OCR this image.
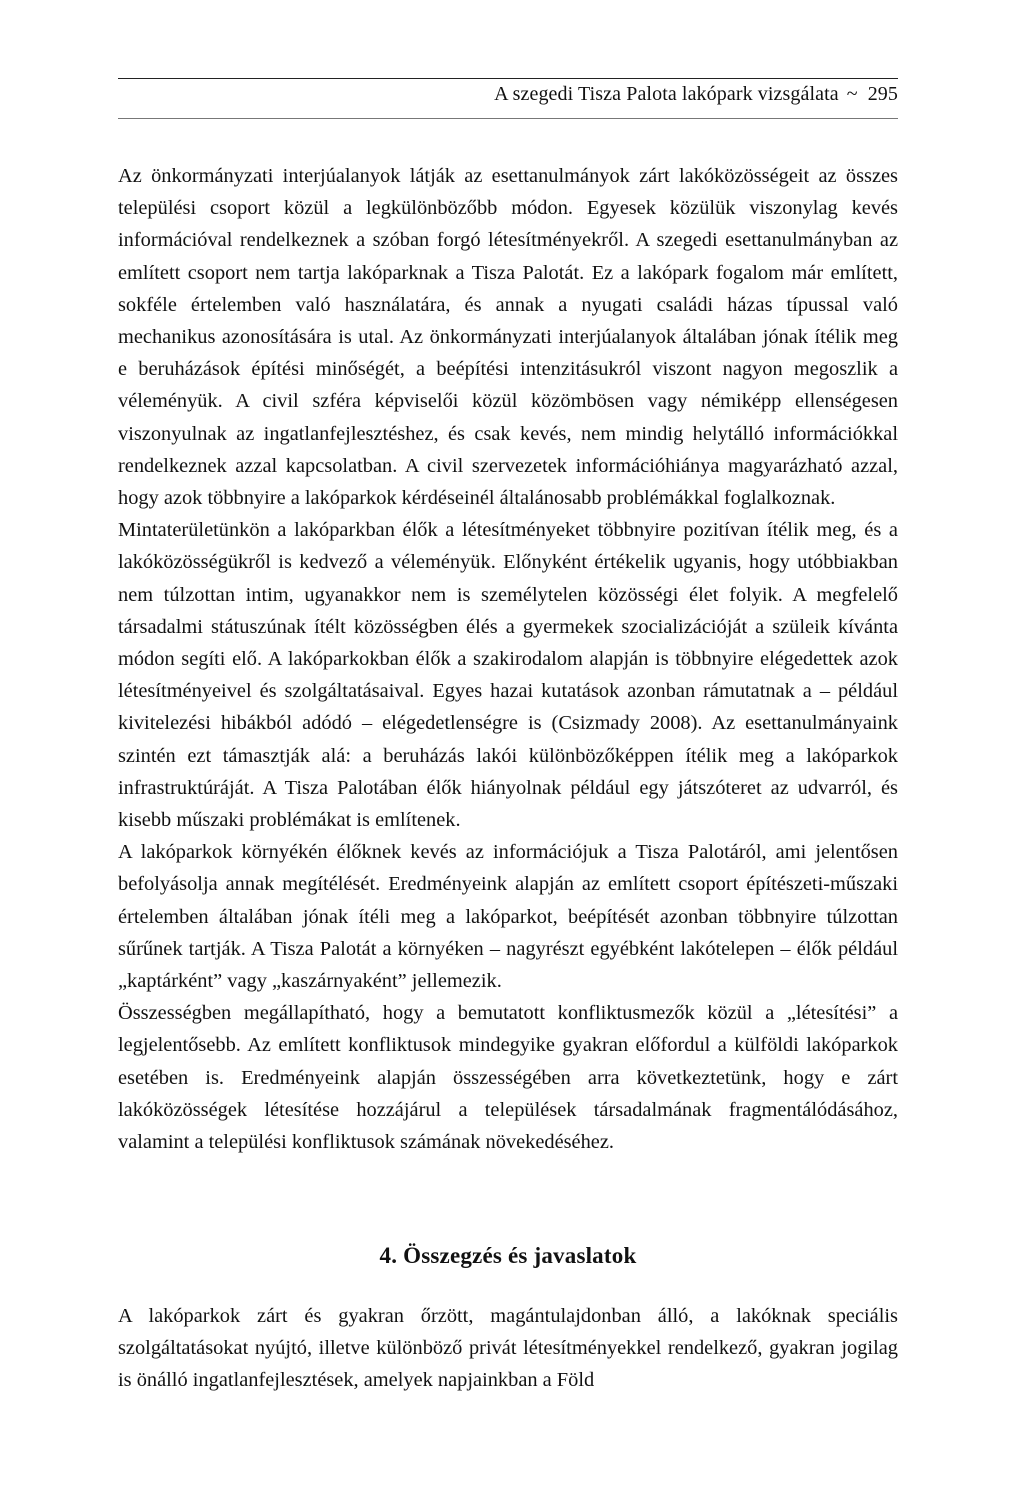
A szegedi Tisza Palota lakópark vizsgálata ~ 295

Az önkormányzati interjúalanyok látják az esettanulmányok zárt lakóközösségeit az összes települési csoport közül a legkülönbözőbb módon. Egyesek közülük viszonylag kevés információval rendelkeznek a szóban forgó létesítményekről. A szegedi esettanulmányban az említett csoport nem tartja lakóparknak a Tisza Palotát. Ez a lakópark fogalom már említett, sokféle értelemben való használatára, és annak a nyugati családi házas típussal való mechanikus azonosítására is utal. Az önkormányzati interjúalanyok általában jónak ítélik meg e beruházások építési minőségét, a beépítési intenzitásukról viszont nagyon megoszlik a véleményük. A civil szféra képviselői közül közömbösen vagy némiképp ellenségesen viszonyulnak az ingatlanfejlesztéshez, és csak kevés, nem mindig helytálló információkkal rendelkeznek azzal kapcsolatban. A civil szervezetek információhiánya magyarázható azzal, hogy azok többnyire a lakóparkok kérdéseinél általánosabb problémákkal foglalkoznak.

Mintaterületünkön a lakóparkban élők a létesítményeket többnyire pozitívan ítélik meg, és a lakóközösségükről is kedvező a véleményük. Előnyként értékelik ugyanis, hogy utóbbiakban nem túlzottan intim, ugyanakkor nem is személytelen közösségi élet folyik. A megfelelő társadalmi státuszúnak ítélt közösségben élés a gyermekek szocializációját a szüleik kívánta módon segíti elő. A lakóparkokban élők a szakirodalom alapján is többnyire elégedettek azok létesítményeivel és szolgáltatásaival. Egyes hazai kutatások azonban rámutatnak a – például kivitelezési hibákból adódó – elégedetlenségre is (Csizmady 2008). Az esettanulmányaink szintén ezt támasztják alá: a beruházás lakói különbözőképpen ítélik meg a lakóparkok infrastruktúráját. A Tisza Palotában élők hiányolnak például egy játszóteret az udvarról, és kisebb műszaki problémákat is említenek.

A lakóparkok környékén élőknek kevés az információjuk a Tisza Palotáról, ami jelentősen befolyásolja annak megítélését. Eredményeink alapján az említett csoport építészeti-műszaki értelemben általában jónak ítéli meg a lakóparkot, beépítését azonban többnyire túlzottan sűrűnek tartják. A Tisza Palotát a környéken – nagyrészt egyébként lakótelepen – élők például „kaptárként” vagy „kaszárnyaként” jellemezik.

Összességben megállapítható, hogy a bemutatott konfliktusmezők közül a „létesítési” a legjelentősebb. Az említett konfliktusok mindegyike gyakran előfordul a külföldi lakóparkok esetében is. Eredményeink alapján összességében arra következtetünk, hogy e zárt lakóközösségek létesítése hozzájárul a települések társadalmának fragmentálódásához, valamint a települési konfliktusok számának növekedéséhez.

4. Összegzés és javaslatok

A lakóparkok zárt és gyakran őrzött, magántulajdonban álló, a lakóknak speciális szolgáltatásokat nyújtó, illetve különböző privát létesítményekkel rendelkező, gyakran jogilag is önálló ingatlanfejlesztések, amelyek napjainkban a Föld
